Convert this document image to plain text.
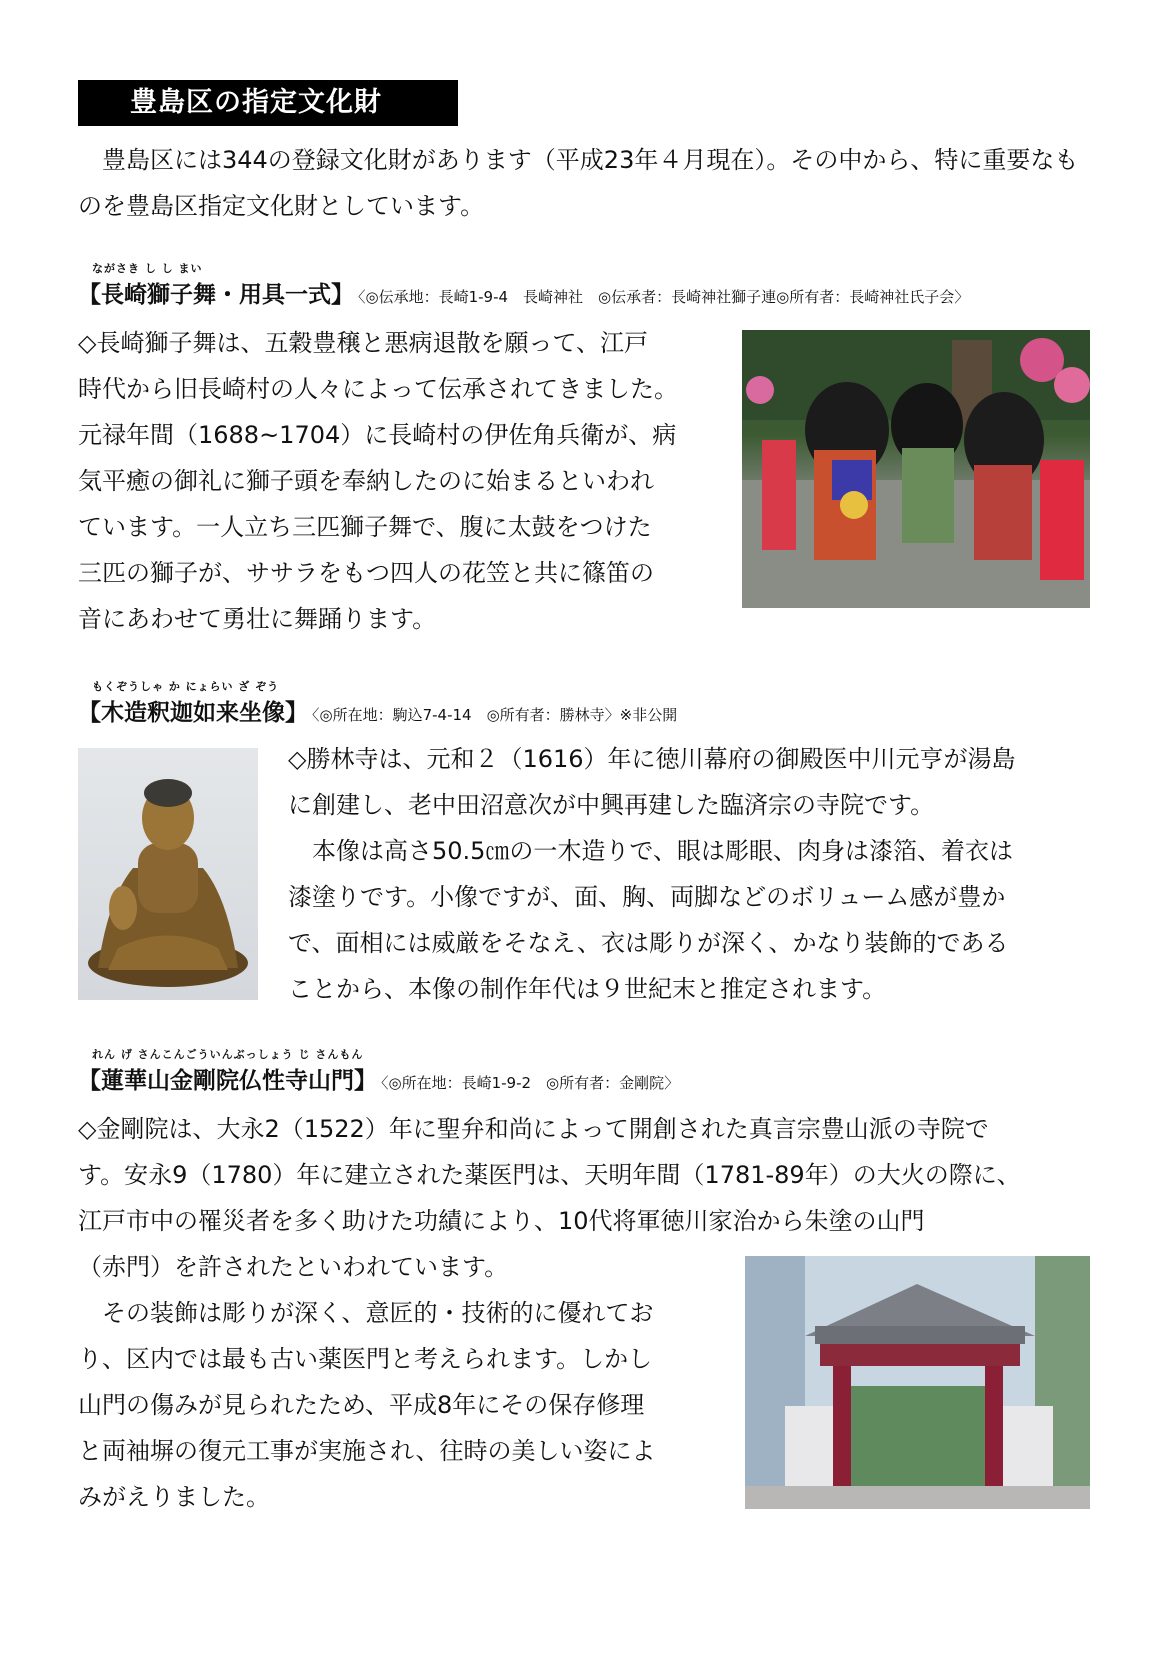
豊島区の指定文化財

豊島区には344の登録文化財があります（平成23年４月現在）。その中から、特に重要なものを豊島区指定文化財としています。

ながさき し し まい
【長崎獅子舞・用具一式】 〈◎伝承地：長崎1-9-4　長崎神社　◎伝承者：長崎神社獅子連◎所有者：長崎神社氏子会〉

◇長崎獅子舞は、五穀豊穣と悪病退散を願って、江戸

時代から旧長崎村の人々によって伝承されてきました。

元禄年間（1688~1704）に長崎村の伊佐角兵衛が、病

気平癒の御礼に獅子頭を奉納したのに始まるといわれ

ています。一人立ち三匹獅子舞で、腹に太鼓をつけた

三匹の獅子が、ササラをもつ四人の花笠と共に篠笛の

音にあわせて勇壮に舞踊ります。

もくぞうしゃ か にょらい ざ ぞう
【木造釈迦如来坐像】 〈◎所在地：駒込7-4-14　◎所有者：勝林寺〉※非公開

◇勝林寺は、元和２（1616）年に徳川幕府の御殿医中川元亨が湯島

に創建し、老中田沼意次が中興再建した臨済宗の寺院です。

本像は高さ50.5㎝の一木造りで、眼は彫眼、肉身は漆箔、着衣は

漆塗りです。小像ですが、面、胸、両脚などのボリューム感が豊か

で、面相には威厳をそなえ、衣は彫りが深く、かなり装飾的である

ことから、本像の制作年代は９世紀末と推定されます。

れん げ さんこんごういんぶっしょう じ さんもん
【蓮華山金剛院仏性寺山門】 〈◎所在地：長崎1-9-2　◎所有者：金剛院〉

◇金剛院は、大永2（1522）年に聖弁和尚によって開創された真言宗豊山派の寺院で

す。安永9（1780）年に建立された薬医門は、天明年間（1781-89年）の大火の際に、

江戸市中の罹災者を多く助けた功績により、10代将軍徳川家治から朱塗の山門

（赤門）を許されたといわれています。

その装飾は彫りが深く、意匠的・技術的に優れてお

り、区内では最も古い薬医門と考えられます。しかし

山門の傷みが見られたため、平成8年にその保存修理

と両袖塀の復元工事が実施され、往時の美しい姿によ

みがえりました。
